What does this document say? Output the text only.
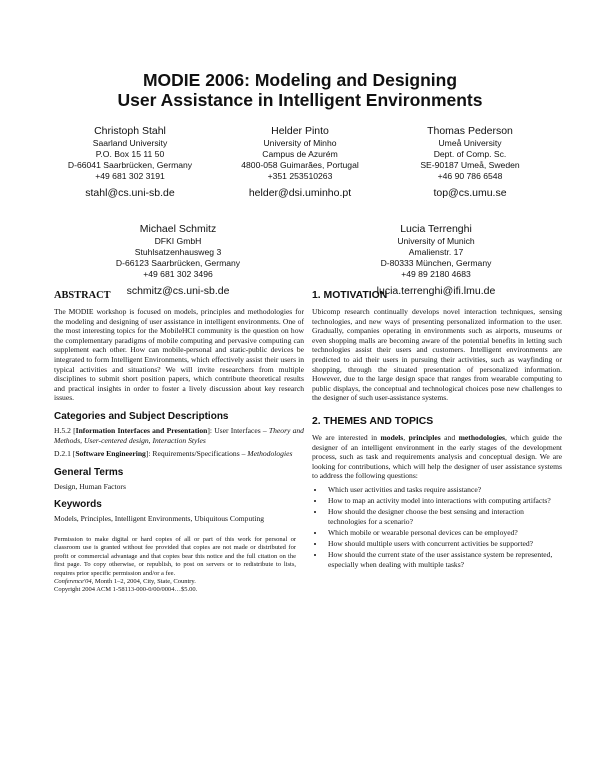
MODIE 2006: Modeling and Designing
User Assistance in Intelligent Environments
Christoph Stahl
Saarland University
P.O. Box 15 11 50
D-66041 Saarbrücken, Germany
+49 681 302 3191
stahl@cs.uni-sb.de
Helder Pinto
University of Minho
Campus de Azurém
4800-058 Guimarães, Portugal
+351 253510263
helder@dsi.uminho.pt
Thomas Pederson
Umeå University
Dept. of Comp. Sc.
SE-90187 Umeå, Sweden
+46 90 786 6548
top@cs.umu.se
Michael Schmitz
DFKI GmbH
Stuhlsatzenhausweg 3
D-66123 Saarbrücken, Germany
+49 681 302 3496
schmitz@cs.uni-sb.de
Lucia Terrenghi
University of Munich
Amalienstr. 17
D-80333 München, Germany
+49 89 2180 4683
lucia.terrenghi@ifi.lmu.de
ABSTRACT

The MODIE workshop is focused on models, principles and methodologies for the modeling and designing of user assistance in intelligent environments. One of the most interesting topics for the MobileHCI community is the question on how the complementary paradigms of mobile computing and pervasive computing can supplement each other. How can mobile-personal and static-public devices be integrated to form Intelligent Environments, which effectively assist their users in typical activities and situations? We will invite researchers from multiple disciplines to submit short position papers, which contribute theoretical results and practical insights in order to foster a lively discussion about key research issues.

Categories and Subject Descriptions

H.5.2 [Information Interfaces and Presentation]: User Interfaces – Theory and Methods, User-centered design, Interaction Styles

D.2.1 [Software Engineering]: Requirements/Specifications – Methodologies

General Terms

Design, Human Factors

Keywords

Models, Principles, Intelligent Environments, Ubiquitous Computing

Permission to make digital or hard copies of all or part of this work for personal or classroom use is granted without fee provided that copies are not made or distributed for profit or commercial advantage and that copies bear this notice and the full citation on the first page. To copy otherwise, or republish, to post on servers or to redistribute to lists, requires prior specific permission and/or a fee.
Conference'04, Month 1–2, 2004, City, State, Country.
Copyright 2004 ACM 1-58113-000-0/00/0004…$5.00.
1. MOTIVATION

Ubicomp research continually develops novel interaction techniques, sensing technologies, and new ways of presenting personalized information to the user. Gradually, companies operating in environments such as airports, museums or even shopping malls are becoming aware of the potential benefits in letting such technologies assist their users and customers. Intelligent environments are predicted to aid their users in pursuing their activities, such as wayfinding or shopping, through the situated presentation of personalized information. However, due to the large design space that ranges from wearable computing to public displays, the conceptual and technological choices pose new challenges to the designer of such user-assistance systems.

2. THEMES AND TOPICS

We are interested in models, principles and methodologies, which guide the designer of an intelligent environment in the early stages of the development process, such as task and requirements analysis and conceptual design. We are looking for contributions, which will help the designer of user assistance systems to address the following questions:

• Which user activities and tasks require assistance?
• How to map an activity model into interactions with computing artifacts?
• How should the designer choose the best sensing and interaction technologies for a scenario?
• Which mobile or wearable personal devices can be employed?
• How should multiple users with concurrent activities be supported?
• How should the current state of the user assistance system be represented, especially when dealing with multiple tasks?
